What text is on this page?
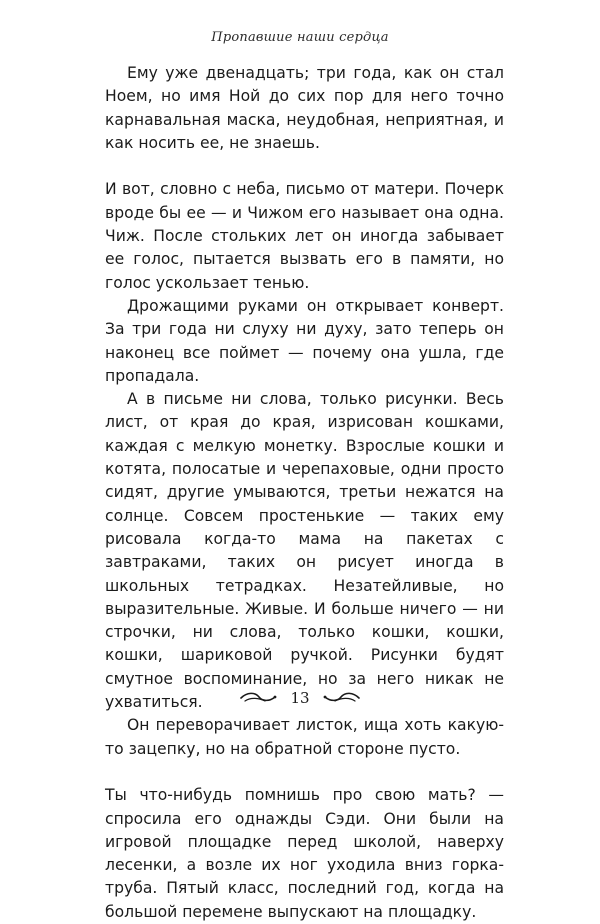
Пропавшие наши сердца

Ему уже двенадцать; три года, как он стал Ноем, но имя Ной до сих пор для него точно карнавальная маска, неудобная, неприятная, и как носить ее, не знаешь.

И вот, словно с неба, письмо от матери. Почерк вроде бы ее — и Чижом его называет она одна. Чиж. После стольких лет он иногда забывает ее голос, пытается вызвать его в памяти, но голос ускользает тенью.

Дрожащими руками он открывает конверт. За три года ни слуху ни духу, зато теперь он наконец все поймет — почему она ушла, где пропадала.

А в письме ни слова, только рисунки. Весь лист, от края до края, изрисован кошками, каждая с мелкую монетку. Взрослые кошки и котята, полосатые и черепаховые, одни просто сидят, другие умываются, третьи нежатся на солнце. Совсем простенькие — таких ему рисовала когда-то мама на пакетах с завтраками, таких он рисует иногда в школьных тетрадках. Незатейливые, но выразительные. Живые. И больше ничего — ни строчки, ни слова, только кошки, кошки, кошки, шариковой ручкой. Рисунки будят смутное воспоминание, но за него никак не ухватиться.

Он переворачивает листок, ища хоть какую-то зацепку, но на обратной стороне пусто.

Ты что-нибудь помнишь про свою мать? — спросила его однажды Сэди. Они были на игровой площадке перед школой, наверху лесенки, а возле их ног уходила вниз горка-труба. Пятый класс, последний год, когда на большой перемене выпускают на площадку.

13
